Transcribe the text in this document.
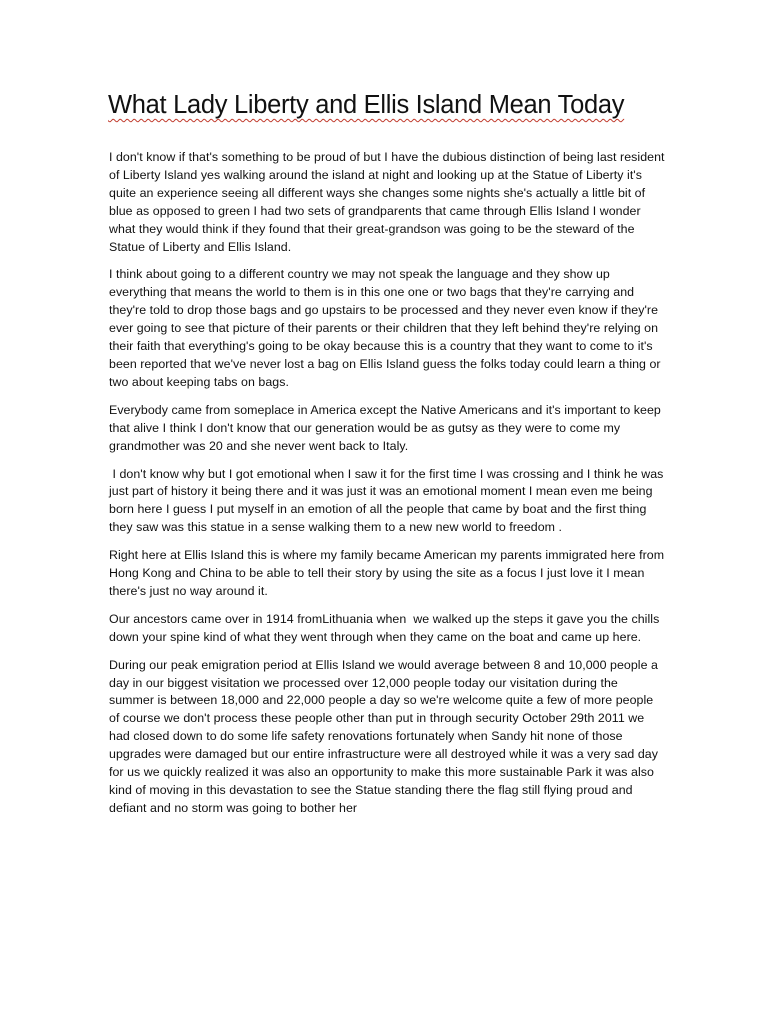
What Lady Liberty and Ellis Island Mean Today

I don't know if that's something to be proud of but I have the dubious distinction of being last resident of Liberty Island yes walking around the island at night and looking up at the Statue of Liberty it's quite an experience seeing all different ways she changes some nights she's actually a little bit of blue as opposed to green I had two sets of grandparents that came through Ellis Island I wonder what they would think if they found that their great-grandson was going to be the steward of the Statue of Liberty and Ellis Island.

I think about going to a different country we may not speak the language and they show up everything that means the world to them is in this one one or two bags that they're carrying and they're told to drop those bags and go upstairs to be processed and they never even know if they're ever going to see that picture of their parents or their children that they left behind they're relying on their faith that everything's going to be okay because this is a country that they want to come to it's been reported that we've never lost a bag on Ellis Island guess the folks today could learn a thing or two about keeping tabs on bags.

Everybody came from someplace in America except the Native Americans and it's important to keep that alive I think I don't know that our generation would be as gutsy as they were to come my grandmother was 20 and she never went back to Italy.

I don't know why but I got emotional when I saw it for the first time I was crossing and I think he was just part of history it being there and it was just it was an emotional moment I mean even me being born here I guess I put myself in an emotion of all the people that came by boat and the first thing they saw was this statue in a sense walking them to a new new world to freedom .

Right here at Ellis Island this is where my family became American my parents immigrated here from Hong Kong and China to be able to tell their story by using the site as a focus I just love it I mean there's just no way around it.

Our ancestors came over in 1914 fromLithuania when  we walked up the steps it gave you the chills down your spine kind of what they went through when they came on the boat and came up here.

During our peak emigration period at Ellis Island we would average between 8 and 10,000 people a day in our biggest visitation we processed over 12,000 people today our visitation during the summer is between 18,000 and 22,000 people a day so we're welcome quite a few of more people of course we don't process these people other than put in through security October 29th 2011 we had closed down to do some life safety renovations fortunately when Sandy hit none of those upgrades were damaged but our entire infrastructure were all destroyed while it was a very sad day for us we quickly realized it was also an opportunity to make this more sustainable Park it was also kind of moving in this devastation to see the Statue standing there the flag still flying proud and defiant and no storm was going to bother her
